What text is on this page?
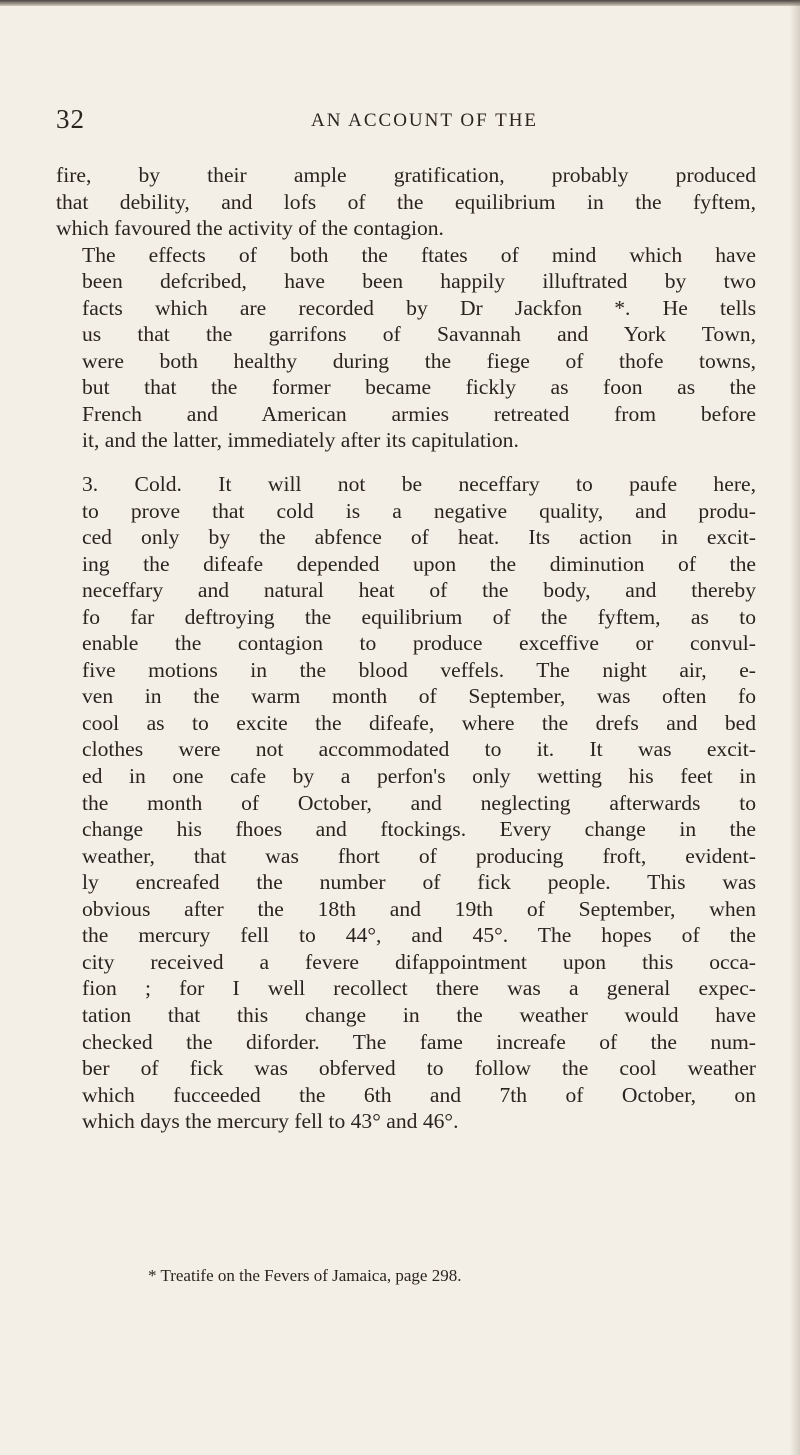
32	AN ACCOUNT OF THE
fire, by their ample gratification, probably produced
that debility, and lofs of the equilibrium in the fyftem,
which favoured the activity of the contagion.
The effects of both the ftates of mind which have
been defcribed, have been happily illuftrated by two
facts which are recorded by Dr Jackfon *. He tells
us that the garrifons of Savannah and York Town,
were both healthy during the fiege of thofe towns,
but that the former became fickly as foon as the
French and American armies retreated from before
it, and the latter, immediately after its capitulation.
3. Cold. It will not be neceffary to paufe here,
to prove that cold is a negative quality, and produ-
ced only by the abfence of heat. Its action in excit-
ing the difeafe depended upon the diminution of the
neceffary and natural heat of the body, and thereby
fo far deftroying the equilibrium of the fyftem, as to
enable the contagion to produce exceffive or convul-
five motions in the blood veffels. The night air, e-
ven in the warm month of September, was often fo
cool as to excite the difeafe, where the drefs and bed
clothes were not accommodated to it. It was excit-
ed in one cafe by a perfon's only wetting his feet in
the month of October, and neglecting afterwards to
change his fhoes and ftockings. Every change in the
weather, that was fhort of producing froft, evident-
ly encreafed the number of fick people. This was
obvious after the 18th and 19th of September, when
the mercury fell to 44°, and 45°. The hopes of the
city received a fevere difappointment upon this occa-
fion ; for I well recollect there was a general expec-
tation that this change in the weather would have
checked the diforder. The fame increafe of the num-
ber of fick was obferved to follow the cool weather
which fucceeded the 6th and 7th of October, on
which days the mercury fell to 43° and 46°.
* Treatife on the Fevers of Jamaica, page 298.
